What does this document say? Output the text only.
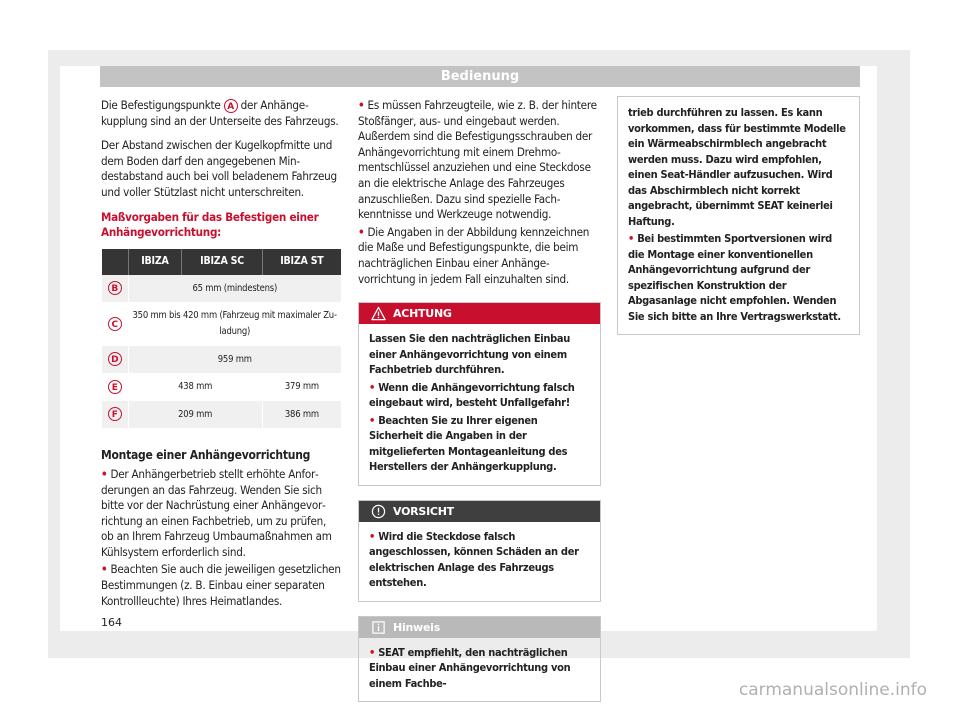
Bedienung

Die Befestigungspunkte A der Anhängekupplung sind an der Unterseite des Fahrzeugs.

Der Abstand zwischen der Kugelkopfmitte und dem Boden darf den angegebenen Mindestabstand auch bei voll beladenem Fahrzeug und voller Stützlast nicht unterschreiten.

Maßvorgaben für das Befestigen einer Anhängevorrichtung:

	IBIZA	IBIZA SC	IBIZA ST
B	65 mm (mindestens)		
C	350 mm bis 420 mm (Fahrzeug mit maximaler Zuladung)		
D	959 mm		
E	438 mm		379 mm
F	209 mm		386 mm

Montage einer Anhängevorrichtung

• Der Anhängerbetrieb stellt erhöhte Anforderungen an das Fahrzeug. Wenden Sie sich bitte vor der Nachrüstung einer Anhängevorrichtung an einen Fachbetrieb, um zu prüfen, ob an Ihrem Fahrzeug Umbaumaßnahmen am Kühlsystem erforderlich sind.

• Beachten Sie auch die jeweiligen gesetzlichen Bestimmungen (z. B. Einbau einer separaten Kontrollleuchte) Ihres Heimatlandes.

• Es müssen Fahrzeugteile, wie z. B. der hintere Stoßfänger, aus- und eingebaut werden. Außerdem sind die Befestigungsschrauben der Anhängevorrichtung mit einem Drehmomentschlüssel anzuziehen und eine Steckdose an die elektrische Anlage des Fahrzeuges anzuschließen. Dazu sind spezielle Fachkenntnisse und Werkzeuge notwendig.

• Die Angaben in der Abbildung kennzeichnen die Maße und Befestigungspunkte, die beim nachträglichen Einbau einer Anhängevorrichtung in jedem Fall einzuhalten sind.

ACHTUNG

Lassen Sie den nachträglichen Einbau einer Anhängevorrichtung von einem Fachbetrieb durchführen.

• Wenn die Anhängevorrichtung falsch eingebaut wird, besteht Unfallgefahr!

• Beachten Sie zu Ihrer eigenen Sicherheit die Angaben in der mitgelieferten Montageanleitung des Herstellers der Anhängerkupplung.

VORSICHT

• Wird die Steckdose falsch angeschlossen, können Schäden an der elektrischen Anlage des Fahrzeugs entstehen.

Hinweis

• SEAT empfiehlt, den nachträglichen Einbau einer Anhängevorrichtung von einem Fachbe-

trieb durchführen zu lassen. Es kann vorkommen, dass für bestimmte Modelle ein Wärmeabschirmblech angebracht werden muss. Dazu wird empfohlen, einen Seat-Händler aufzusuchen. Wird das Abschirmblech nicht korrekt angebracht, übernimmt SEAT keinerlei Haftung.

• Bei bestimmten Sportversionen wird die Montage einer konventionellen Anhängevorrichtung aufgrund der spezifischen Konstruktion der Abgasanlage nicht empfohlen. Wenden Sie sich bitte an Ihre Vertragswerkstatt.

164
carmanualsonline.info
